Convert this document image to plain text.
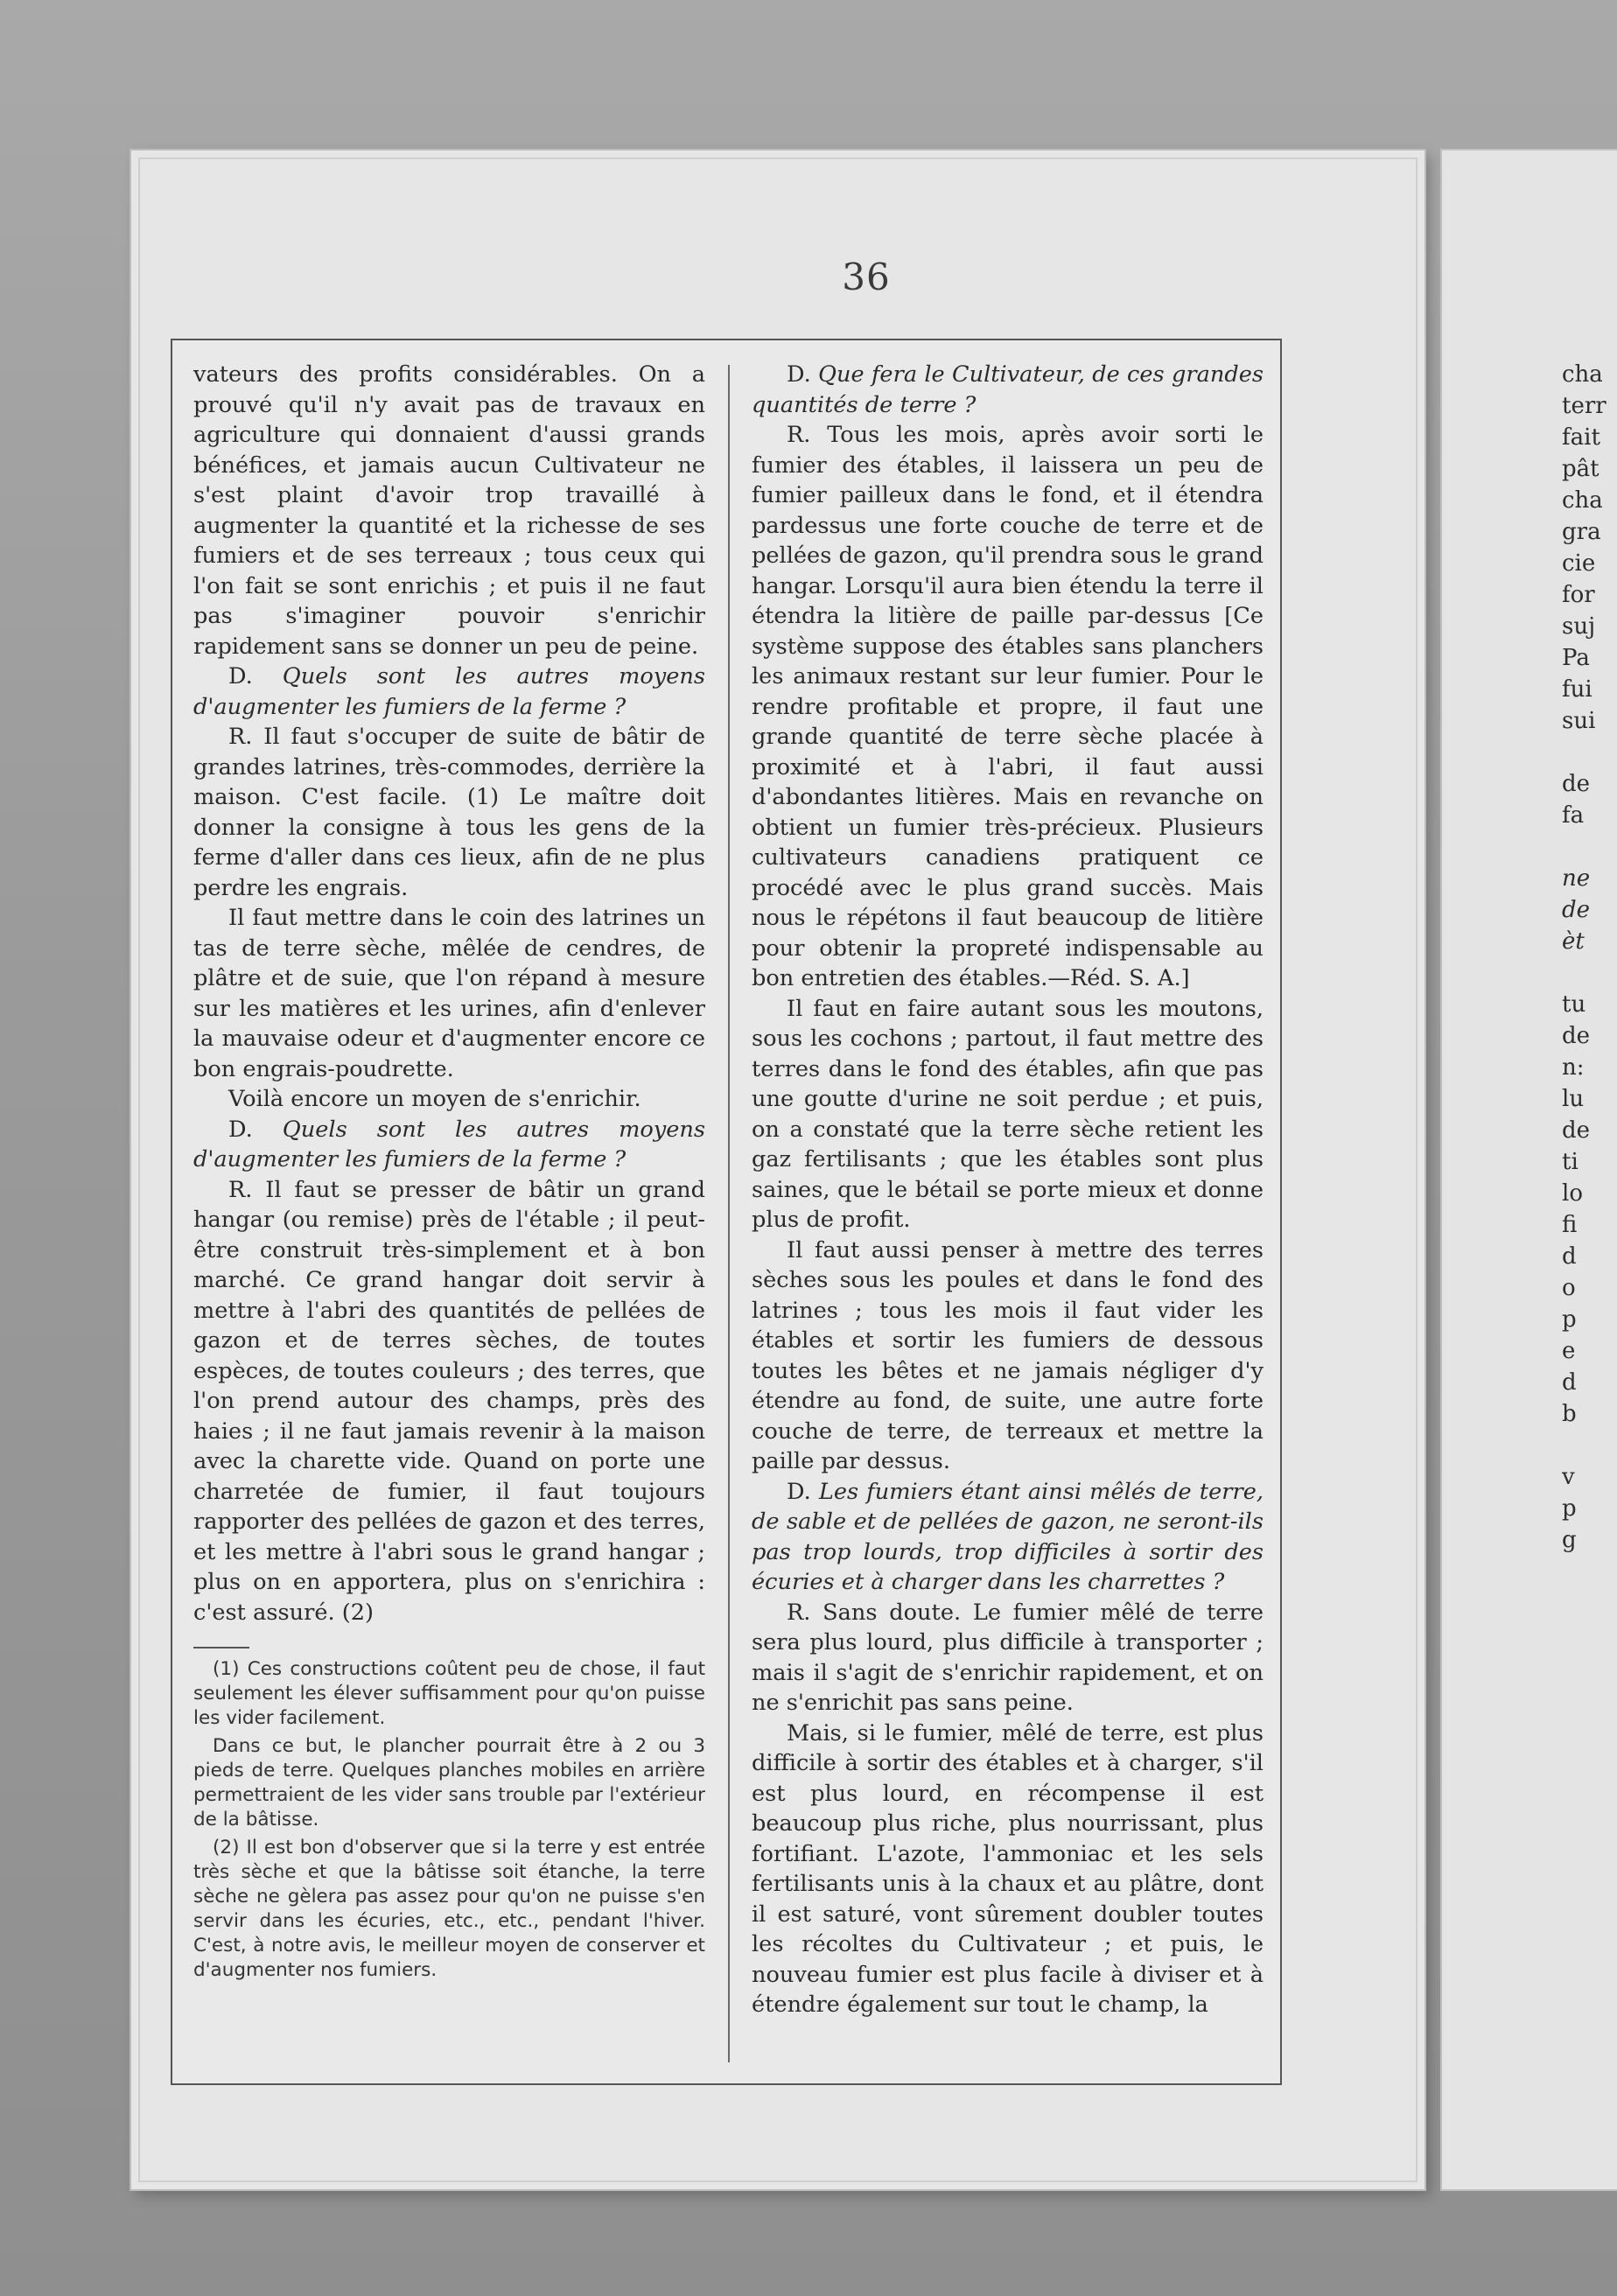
cha
terr
fait
pât
cha
gra
cie
for
suj
Pa
fui
sui
de
fa
ne
de
èt
tu
de
n:
lu
de
ti
lo
fi
d
o
p
e
d
b
v
p
g
36

vateurs des profits considérables. On a prouvé qu'il n'y avait pas de travaux en agriculture qui donnaient d'aussi grands bénéfices, et jamais aucun Cultivateur ne s'est plaint d'avoir trop travaillé à augmenter la quantité et la richesse de ses fumiers et de ses terreaux ; tous ceux qui l'on fait se sont enrichis ; et puis il ne faut pas s'imaginer pouvoir s'enrichir rapidement sans se donner un peu de peine.

D. Quels sont les autres moyens d'augmenter les fumiers de la ferme ?

R. Il faut s'occuper de suite de bâtir de grandes latrines, très-commodes, derrière la maison. C'est facile. (1) Le maître doit donner la consigne à tous les gens de la ferme d'aller dans ces lieux, afin de ne plus perdre les engrais.

Il faut mettre dans le coin des latrines un tas de terre sèche, mêlée de cendres, de plâtre et de suie, que l'on répand à mesure sur les matières et les urines, afin d'enlever la mauvaise odeur et d'augmenter encore ce bon engrais-poudrette.

Voilà encore un moyen de s'enrichir.

D. Quels sont les autres moyens d'augmenter les fumiers de la ferme ?

R. Il faut se presser de bâtir un grand hangar (ou remise) près de l'étable ; il peut-être construit très-simplement et à bon marché. Ce grand hangar doit servir à mettre à l'abri des quantités de pellées de gazon et de terres sèches, de toutes espèces, de toutes couleurs ; des terres, que l'on prend autour des champs, près des haies ; il ne faut jamais revenir à la maison avec la charette vide. Quand on porte une charretée de fumier, il faut toujours rapporter des pellées de gazon et des terres, et les mettre à l'abri sous le grand hangar ; plus on en apportera, plus on s'enrichira : c'est assuré. (2)

(1) Ces constructions coûtent peu de chose, il faut seulement les élever suffisamment pour qu'on puisse les vider facilement.

Dans ce but, le plancher pourrait être à 2 ou 3 pieds de terre. Quelques planches mobiles en arrière permettraient de les vider sans trouble par l'extérieur de la bâtisse.

(2) Il est bon d'observer que si la terre y est entrée très sèche et que la bâtisse soit étanche, la terre sèche ne gèlera pas assez pour qu'on ne puisse s'en servir dans les écuries, etc., etc., pendant l'hiver. C'est, à notre avis, le meilleur moyen de conserver et d'augmenter nos fumiers.

D. Que fera le Cultivateur, de ces grandes quantités de terre ?

R. Tous les mois, après avoir sorti le fumier des étables, il laissera un peu de fumier pailleux dans le fond, et il étendra pardessus une forte couche de terre et de pellées de gazon, qu'il prendra sous le grand hangar. Lorsqu'il aura bien étendu la terre il étendra la litière de paille par-dessus [Ce système suppose des étables sans planchers les animaux restant sur leur fumier. Pour le rendre profitable et propre, il faut une grande quantité de terre sèche placée à proximité et à l'abri, il faut aussi d'abondantes litières. Mais en revanche on obtient un fumier très-précieux. Plusieurs cultivateurs canadiens pratiquent ce procédé avec le plus grand succès. Mais nous le répétons il faut beaucoup de litière pour obtenir la propreté indispensable au bon entretien des étables.—Réd. S. A.]

Il faut en faire autant sous les moutons, sous les cochons ; partout, il faut mettre des terres dans le fond des étables, afin que pas une goutte d'urine ne soit perdue ; et puis, on a constaté que la terre sèche retient les gaz fertilisants ; que les étables sont plus saines, que le bétail se porte mieux et donne plus de profit.

Il faut aussi penser à mettre des terres sèches sous les poules et dans le fond des latrines ; tous les mois il faut vider les étables et sortir les fumiers de dessous toutes les bêtes et ne jamais négliger d'y étendre au fond, de suite, une autre forte couche de terre, de terreaux et mettre la paille par dessus.

D. Les fumiers étant ainsi mêlés de terre, de sable et de pellées de gazon, ne seront-ils pas trop lourds, trop difficiles à sortir des écuries et à charger dans les charrettes ?

R. Sans doute. Le fumier mêlé de terre sera plus lourd, plus difficile à transporter ; mais il s'agit de s'enrichir rapidement, et on ne s'enrichit pas sans peine.

Mais, si le fumier, mêlé de terre, est plus difficile à sortir des étables et à charger, s'il est plus lourd, en récompense il est beaucoup plus riche, plus nourrissant, plus fortifiant. L'azote, l'ammoniac et les sels fertilisants unis à la chaux et au plâtre, dont il est saturé, vont sûrement doubler toutes les récoltes du Cultivateur ; et puis, le nouveau fumier est plus facile à diviser et à étendre également sur tout le champ, la
